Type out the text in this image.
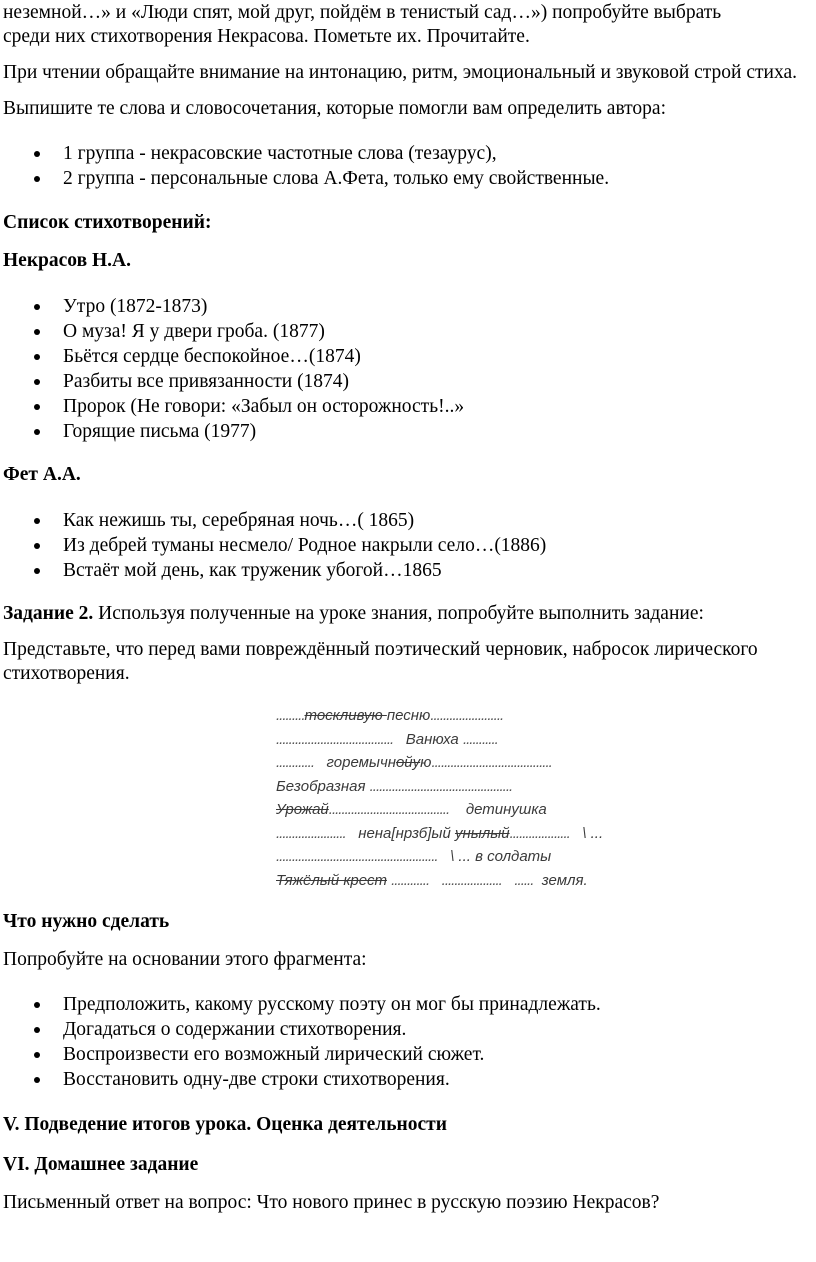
неземной…» и «Люди спят, мой друг, пойдём в тенистый сад…») попробуйте выбрать
среди них стихотворения Некрасова. Пометьте их. Прочитайте.

При чтении обращайте внимание на интонацию, ритм, эмоциональный и звуковой строй стиха.

Выпишите те слова и словосочетания, которые помогли вам определить автора:

1 группа - некрасовские частотные слова (тезаурус),
2 группа - персональные слова А.Фета, только ему свойственные.

Список стихотворений:

Некрасов Н.А.

Утро (1872-1873)
О муза! Я у двери гроба. (1877)
Бьётся сердце беспокойное…(1874)
Разбиты все привязанности (1874)
Пророк (Не говори: «Забыл он осторожность!..»
Горящие письма (1977)

Фет А.А.

Как нежишь ты, серебряная ночь…( 1865)
Из дебрей туманы несмело/ Родное накрыли село…(1886)
Встаёт мой день, как труженик убогой…1865

Задание 2. Используя полученные на уроке знания, попробуйте выполнить задание:

Представьте, что перед вами повреждённый поэтический черновик, набросок лирического стихотворения.

.........тоскливую песню.......................
..................................... Ванюха ...........
............ горемычнойую......................................
Безобразная .............................................
Урожай...................................... детинушка
...................... нена[нрзб]ый унылый................... \ ...
................................................... \ ... в солдаты
Тяжёлый крест ............ ................... ...... земля.

Что нужно сделать

Попробуйте на основании этого фрагмента:

Предположить, какому русскому поэту он мог бы принадлежать.
Догадаться о содержании стихотворения.
Воспроизвести его возможный лирический сюжет.
Восстановить одну-две строки стихотворения.

V. Подведение итогов урока. Оценка деятельности

VI. Домашнее задание

Письменный ответ на вопрос: Что нового принес в русскую поэзию Некрасов?
